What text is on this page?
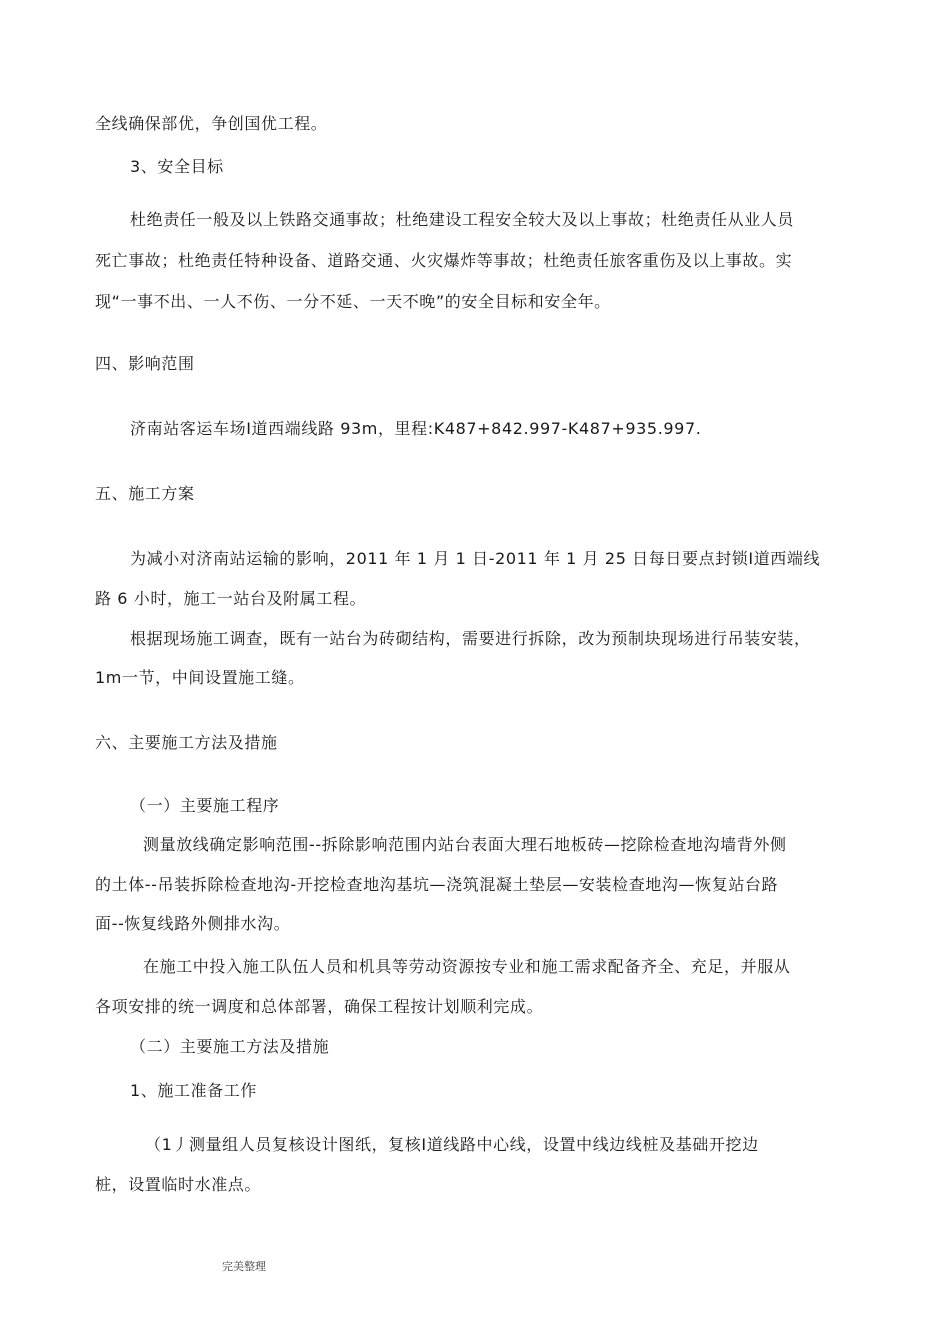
全线确保部优，争创国优工程。
3、安全目标
杜绝责任一般及以上铁路交通事故；杜绝建设工程安全较大及以上事故；杜绝责任从业人员
死亡事故；杜绝责任特种设备、道路交通、火灾爆炸等事故；杜绝责任旅客重伤及以上事故。实
现“一事不出、一人不伤、一分不延、一天不晚”的安全目标和安全年。
四、影响范围
济南站客运车场Ⅰ道西端线路 93m，里程:K487+842.997-K487+935.997.
五、施工方案
为减小对济南站运输的影响，2011 年 1 月 1 日-2011 年 1 月 25 日每日要点封锁Ⅰ道西端线
路 6 小时，施工一站台及附属工程。
根据现场施工调查，既有一站台为砖砌结构，需要进行拆除，改为预制块现场进行吊装安装，
1m一节，中间设置施工缝。
六、主要施工方法及措施
（一）主要施工程序
测量放线确定影响范围--拆除影响范围内站台表面大理石地板砖—挖除检查地沟墙背外侧
的土体--吊装拆除检查地沟-开挖检查地沟基坑—浇筑混凝土垫层—安装检查地沟—恢复站台路
面--恢复线路外侧排水沟。
在施工中投入施工队伍人员和机具等劳动资源按专业和施工需求配备齐全、充足，并服从
各项安排的统一调度和总体部署，确保工程按计划顺利完成。
（二）主要施工方法及措施
1、施工准备工作
（1丿测量组人员复核设计图纸，复核Ⅰ道线路中心线，设置中线边线桩及基础开挖边
桩，设置临时水准点。
完美整理
